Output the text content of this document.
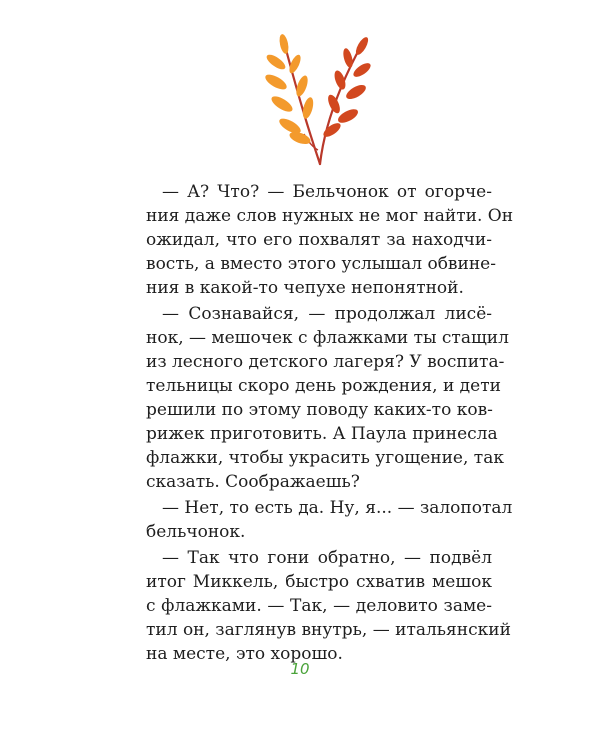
— А? Что? — Бельчонок от огорче-
ния даже слов нужных не мог найти. Он
ожидал, что его похвалят за находчи-
вость, а вместо этого услышал обвине-
ния в какой-то чепухе непонятной.
— Сознавайся, — продолжал лисё-
нок, — мешочек с флажками ты стащил
из лесного детского лагеря? У воспита-
тельницы скоро день рождения, и дети
решили по этому поводу каких-то ков-
рижек приготовить. А Паула принесла
флажки, чтобы украсить угощение, так
сказать. Соображаешь?
— Нет, то есть да. Ну, я... — залопотал
бельчонок.
— Так что гони обратно, — подвёл
итог Миккель, быстро схватив мешок
с флажками. — Так, — деловито заме-
тил он, заглянув внутрь, — итальянский
на месте, это хорошо.
10
